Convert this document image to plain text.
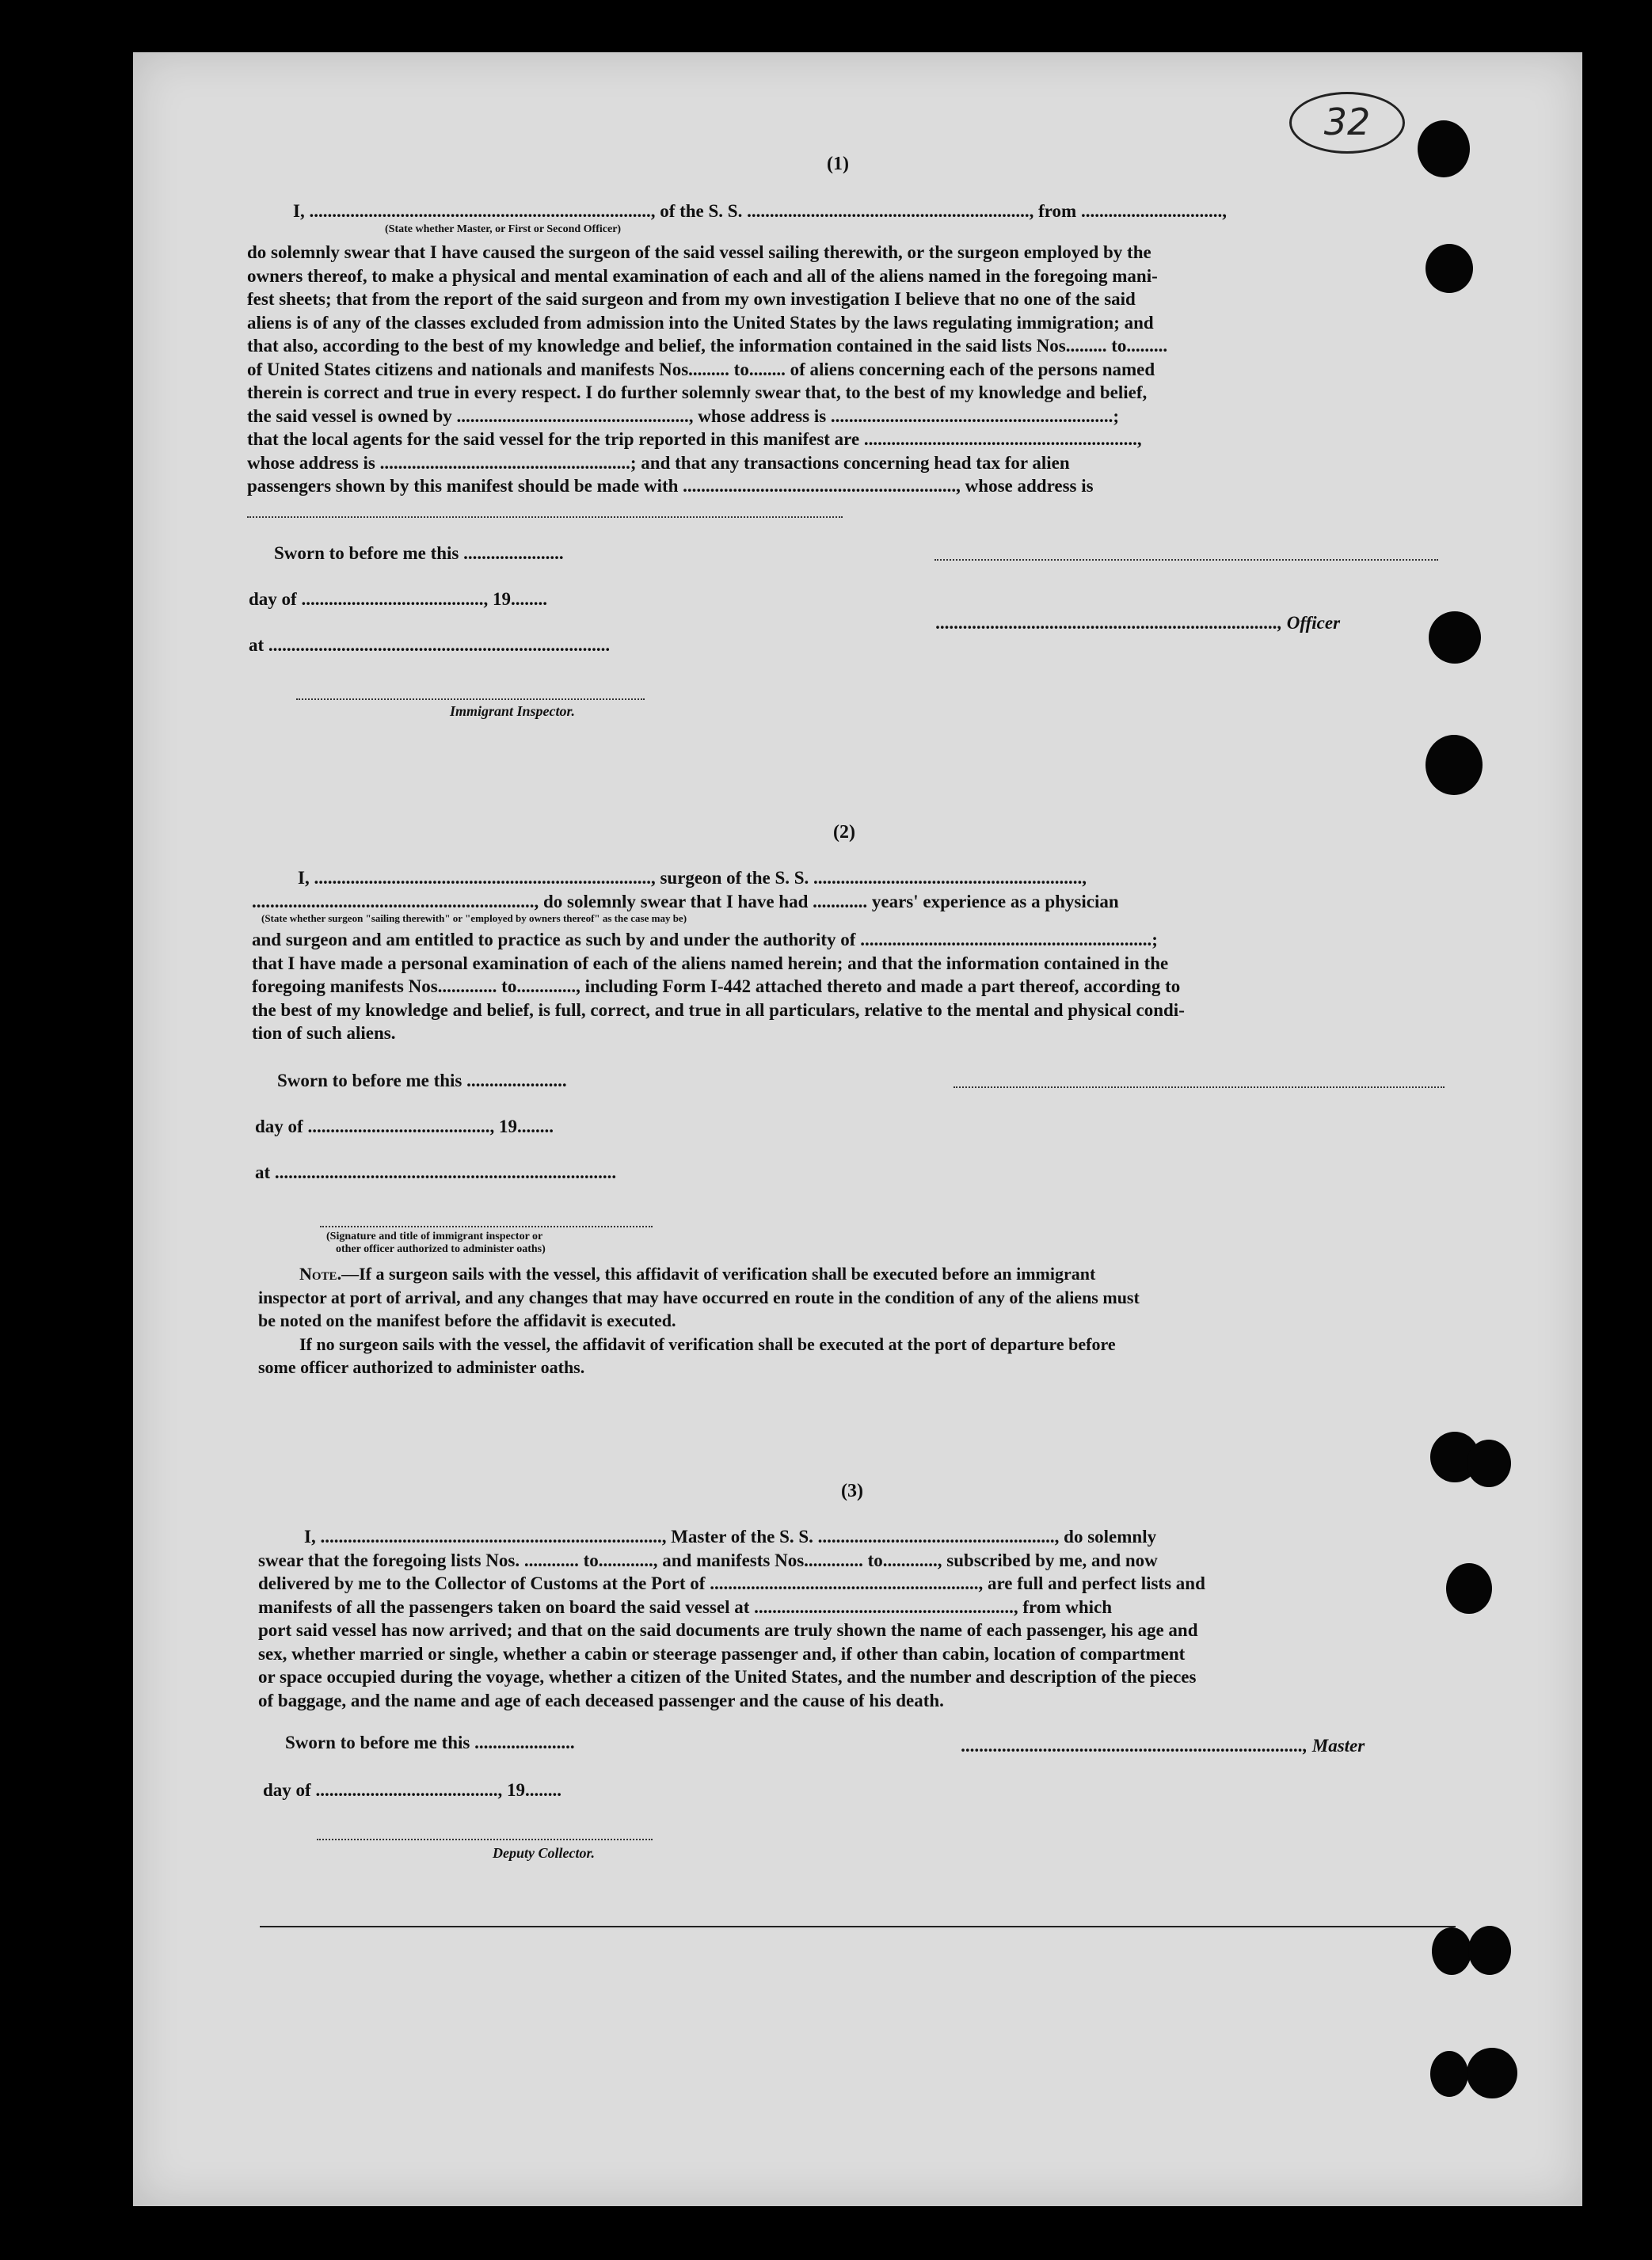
32
(1)
I, ..........................................................................., of the S. S. .............................................................., from ...............................,
(State whether Master, or First or Second Officer)

do solemnly swear that I have caused the surgeon of the said vessel sailing therewith, or the surgeon employed by the
owners thereof, to make a physical and mental examination of each and all of the aliens named in the foregoing mani-
fest sheets; that from the report of the said surgeon and from my own investigation I believe that no one of the said
aliens is of any of the classes excluded from admission into the United States by the laws regulating immigration; and
that also, according to the best of my knowledge and belief, the information contained in the said lists Nos......... to.........
of United States citizens and nationals and manifests Nos......... to........ of aliens concerning each of the persons named
therein is correct and true in every respect. I do further solemnly swear that, to the best of my knowledge and belief,
the said vessel is owned by ..................................................., whose address is ..............................................................;
that the local agents for the said vessel for the trip reported in this manifest are ............................................................,
whose address is .......................................................; and that any transactions concerning head tax for alien
passengers shown by this manifest should be made with ............................................................, whose address is

Sworn to before me this ......................
day of ........................................, 19........
..........................................................................., Officer
at ...........................................................................
Immigrant Inspector.
(2)

I, .........................................................................., surgeon of the S. S. ...........................................................,
.............................................................., do solemnly swear that I have had ............ years' experience as a physician

(State whether surgeon "sailing therewith" or "employed by owners thereof" as the case may be)

and surgeon and am entitled to practice as such by and under the authority of ................................................................;
that I have made a personal examination of each of the aliens named herein; and that the information contained in the
foregoing manifests Nos............. to............., including Form I-442 attached thereto and made a part thereof, according to
the best of my knowledge and belief, is full, correct, and true in all particulars, relative to the mental and physical condi-
tion of such aliens.

Sworn to before me this ......................
day of ........................................, 19........
at ...........................................................................
(Signature and title of immigrant inspector or
other officer authorized to administer oaths)

Note.—If a surgeon sails with the vessel, this affidavit of verification shall be executed before an immigrant
inspector at port of arrival, and any changes that may have occurred en route in the condition of any of the aliens must
be noted on the manifest before the affidavit is executed.
If no surgeon sails with the vessel, the affidavit of verification shall be executed at the port of departure before
some officer authorized to administer oaths.

(3)

I, ..........................................................................., Master of the S. S. ...................................................., do solemnly
swear that the foregoing lists Nos. ............ to............, and manifests Nos............. to............, subscribed by me, and now
delivered by me to the Collector of Customs at the Port of ..........................................................., are full and perfect lists and
manifests of all the passengers taken on board the said vessel at ........................................................., from which
port said vessel has now arrived; and that on the said documents are truly shown the name of each passenger, his age and
sex, whether married or single, whether a cabin or steerage passenger and, if other than cabin, location of compartment
or space occupied during the voyage, whether a citizen of the United States, and the number and description of the pieces
of baggage, and the name and age of each deceased passenger and the cause of his death.

Sworn to before me this ......................	..........................................................................., Master
day of ........................................, 19........
Deputy Collector.
